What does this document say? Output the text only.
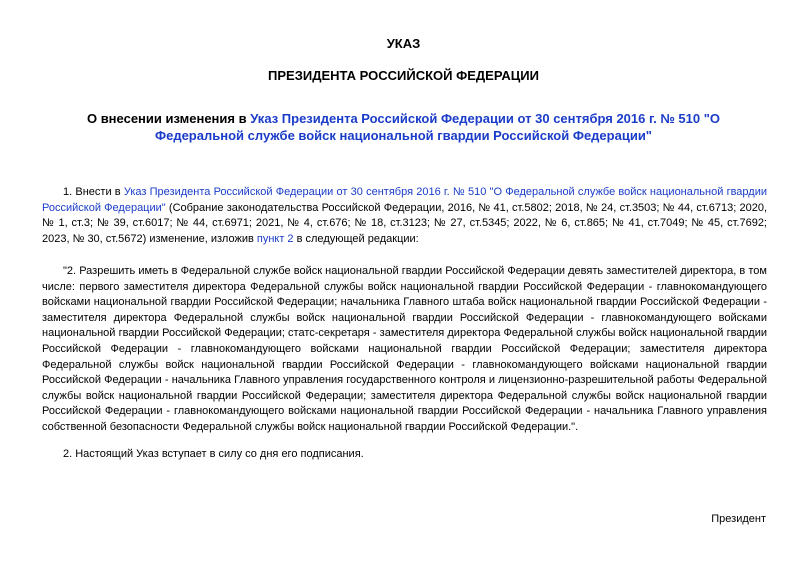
УКАЗ
ПРЕЗИДЕНТА РОССИЙСКОЙ ФЕДЕРАЦИИ
О внесении изменения в Указ Президента Российской Федерации от 30 сентября 2016 г. № 510 "О Федеральной службе войск национальной гвардии Российской Федерации"
1. Внести в Указ Президента Российской Федерации от 30 сентября 2016 г. № 510 "О Федеральной службе войск национальной гвардии Российской Федерации" (Собрание законодательства Российской Федерации, 2016, № 41, ст.5802; 2018, № 24, ст.3503; № 44, ст.6713; 2020, № 1, ст.3; № 39, ст.6017; № 44, ст.6971; 2021, № 4, ст.676; № 18, ст.3123; № 27, ст.5345; 2022, № 6, ст.865; № 41, ст.7049; № 45, ст.7692; 2023, № 30, ст.5672) изменение, изложив пункт 2 в следующей редакции:
"2. Разрешить иметь в Федеральной службе войск национальной гвардии Российской Федерации девять заместителей директора, в том числе: первого заместителя директора Федеральной службы войск национальной гвардии Российской Федерации - главнокомандующего войсками национальной гвардии Российской Федерации; начальника Главного штаба войск национальной гвардии Российской Федерации - заместителя директора Федеральной службы войск национальной гвардии Российской Федерации - главнокомандующего войсками национальной гвардии Российской Федерации; статс-секретаря - заместителя директора Федеральной службы войск национальной гвардии Российской Федерации - главнокомандующего войсками национальной гвардии Российской Федерации; заместителя директора Федеральной службы войск национальной гвардии Российской Федерации - главнокомандующего войсками национальной гвардии Российской Федерации - начальника Главного управления государственного контроля и лицензионно-разрешительной работы Федеральной службы войск национальной гвардии Российской Федерации; заместителя директора Федеральной службы войск национальной гвардии Российской Федерации - главнокомандующего войсками национальной гвардии Российской Федерации - начальника Главного управления собственной безопасности Федеральной службы войск национальной гвардии Российской Федерации.".
2. Настоящий Указ вступает в силу со дня его подписания.
Президент
